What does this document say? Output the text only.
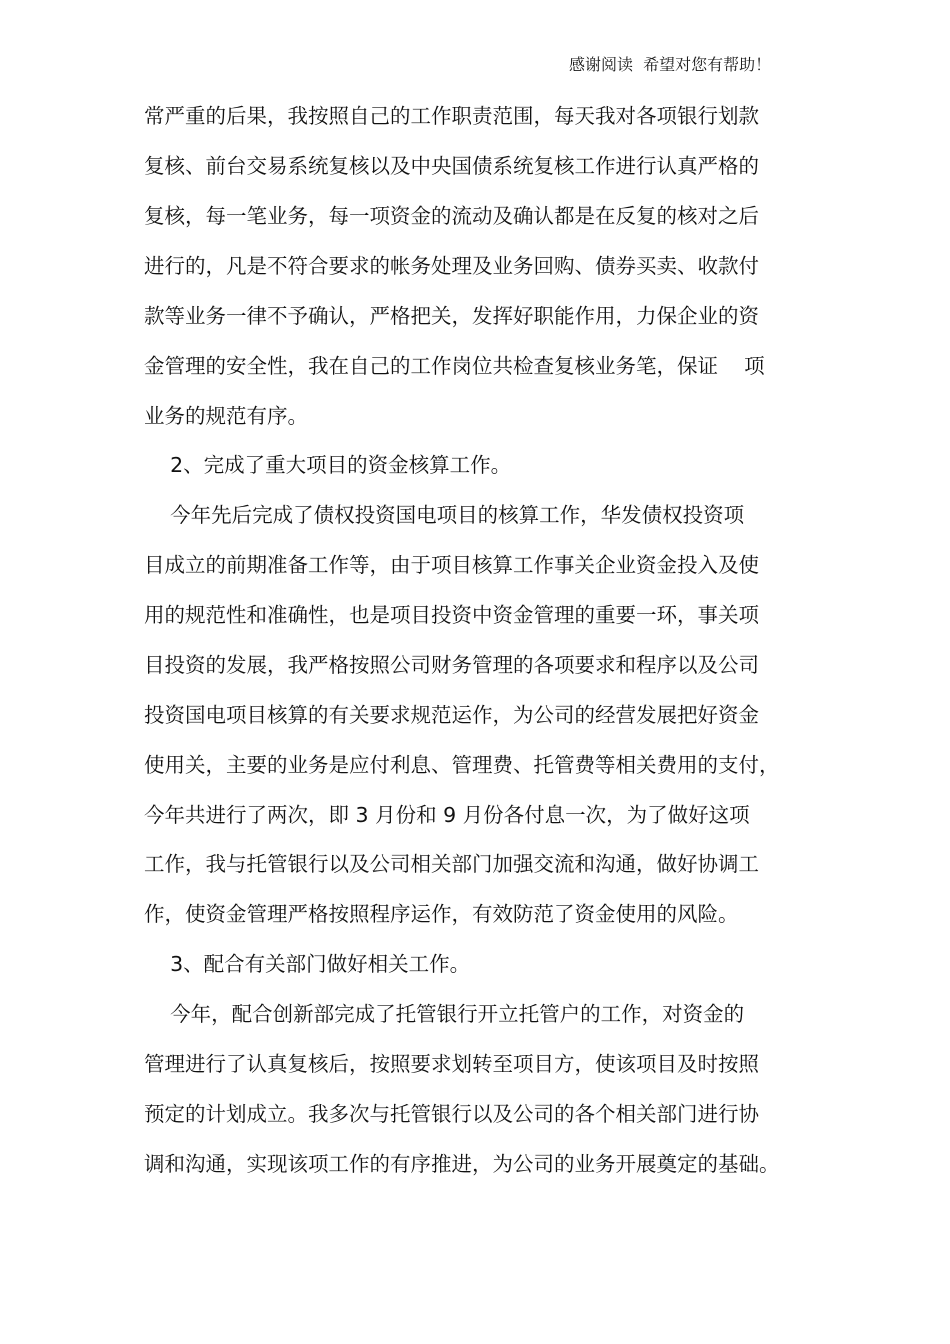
感谢阅读  希望对您有帮助！
常严重的后果，我按照自己的工作职责范围，每天我对各项银行划款
复核、前台交易系统复核以及中央国债系统复核工作进行认真严格的
复核，每一笔业务，每一项资金的流动及确认都是在反复的核对之后
进行的，凡是不符合要求的帐务处理及业务回购、债券买卖、收款付
款等业务一律不予确认，严格把关，发挥好职能作用，力保企业的资
金管理的安全性，我在自己的工作岗位共检查复核业务笔，保证    项
业务的规范有序。
2、完成了重大项目的资金核算工作。
今年先后完成了债权投资国电项目的核算工作，华发债权投资项
目成立的前期准备工作等，由于项目核算工作事关企业资金投入及使
用的规范性和准确性，也是项目投资中资金管理的重要一环，事关项
目投资的发展，我严格按照公司财务管理的各项要求和程序以及公司
投资国电项目核算的有关要求规范运作，为公司的经营发展把好资金
使用关，主要的业务是应付利息、管理费、托管费等相关费用的支付，
今年共进行了两次，即 3 月份和 9 月份各付息一次，为了做好这项
工作，我与托管银行以及公司相关部门加强交流和沟通，做好协调工
作，使资金管理严格按照程序运作，有效防范了资金使用的风险。
3、配合有关部门做好相关工作。
今年，配合创新部完成了托管银行开立托管户的工作，对资金的
管理进行了认真复核后，按照要求划转至项目方，使该项目及时按照
预定的计划成立。我多次与托管银行以及公司的各个相关部门进行协
调和沟通，实现该项工作的有序推进，为公司的业务开展奠定的基础。
